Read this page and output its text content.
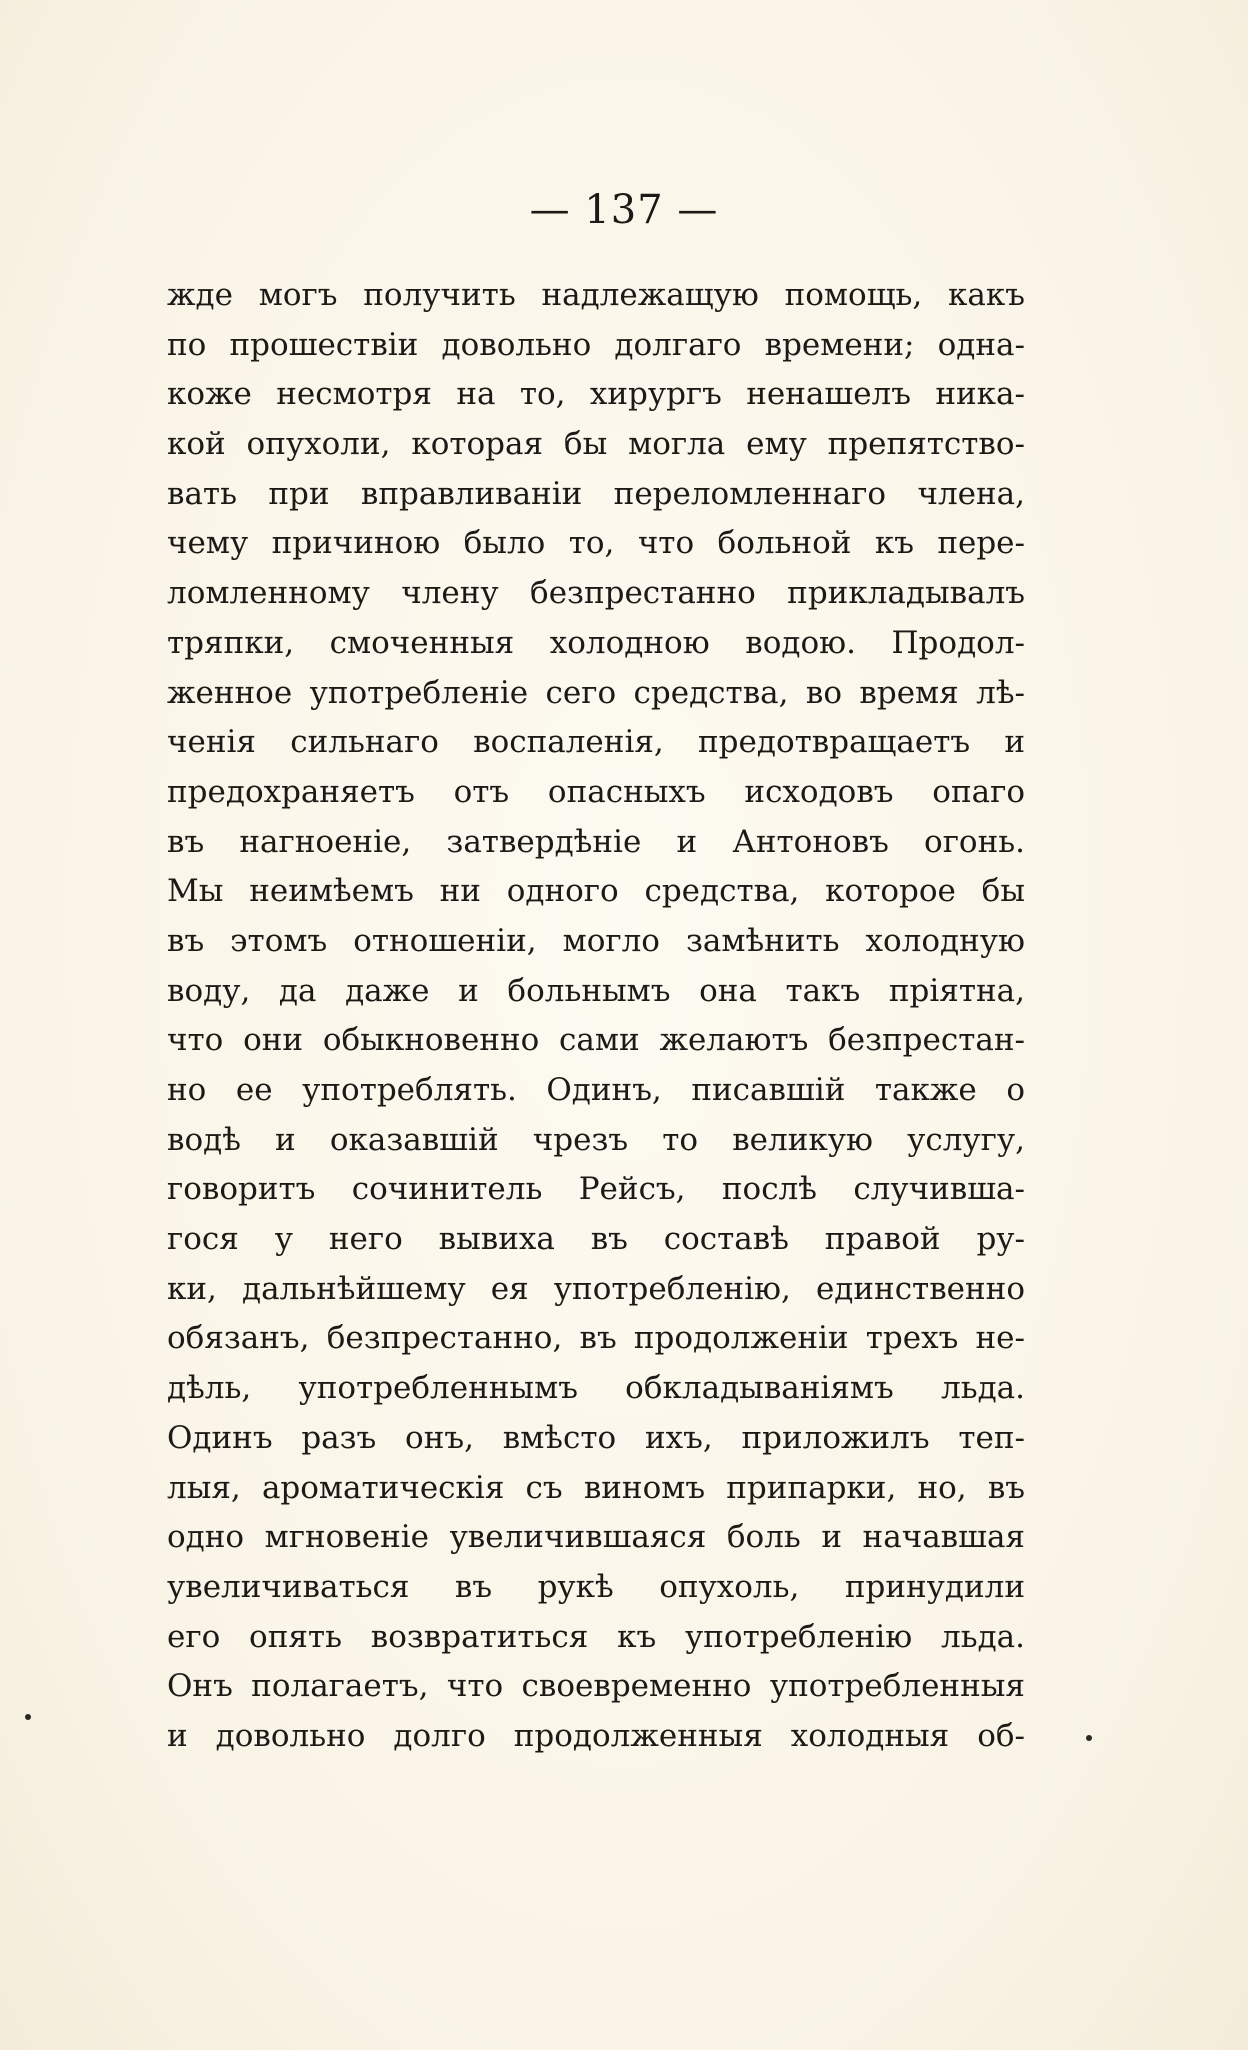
— 137 —
жде могъ получить надлежащую помощь, какъ
по прошествіи довольно долгаго времени; одна-
коже несмотря на то, хирургъ ненашелъ ника-
кой опухоли, которая бы могла ему препятство-
вать при вправливаніи переломленнаго члена,
чему причиною было то, что больной къ пере-
ломленному члену безпрестанно прикладывалъ
тряпки, смоченныя холодною водою. Продол-
женное употребленіе сего средства, во время лѣ-
ченія сильнаго воспаленія, предотвращаетъ и
предохраняетъ отъ опасныхъ исходовъ опаго
въ нагноеніе, затвердѣніе и Антоновъ огонь.
Мы неимѣемъ ни одного средства, которое бы
въ этомъ отношеніи, могло замѣнить холодную
воду, да даже и больнымъ она такъ пріятна,
что они обыкновенно сами желаютъ безпрестан-
но ее употреблять. Одинъ, писавшій также о
водѣ и оказавшій чрезъ то великую услугу,
говоритъ сочинитель Рейсъ, послѣ случивша-
гося у него вывиха въ составѣ правой ру-
ки, дальнѣйшему ея употребленію, единственно
обязанъ, безпрестанно, въ продолженіи трехъ не-
дѣль, употребленнымъ обкладываніямъ льда.
Одинъ разъ онъ, вмѣсто ихъ, приложилъ теп-
лыя, ароматическія съ виномъ припарки, но, въ
одно мгновеніе увеличившаяся боль и начавшая
увеличиваться въ рукѣ опухоль, принудили
его опять возвратиться къ употребленію льда.
Онъ полагаетъ, что своевременно употребленныя
и довольно долго продолженныя холодныя об-
